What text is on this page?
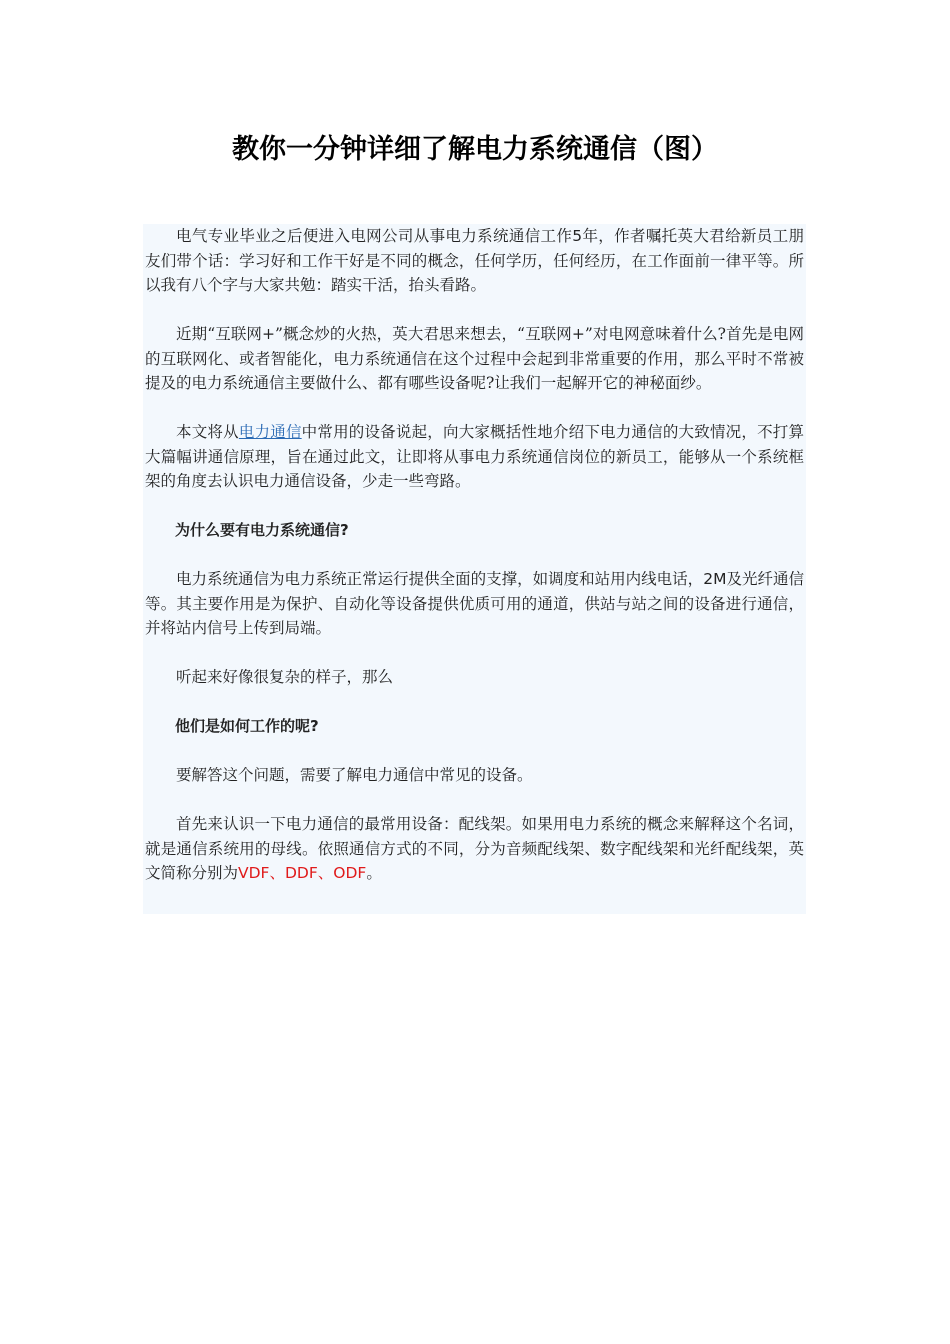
教你一分钟详细了解电力系统通信（图）

电气专业毕业之后便进入电网公司从事电力系统通信工作5年，作者嘱托英大君给新员工朋友们带个话：学习好和工作干好是不同的概念，任何学历，任何经历，在工作面前一律平等。所以我有八个字与大家共勉：踏实干活，抬头看路。

近期“互联网+”概念炒的火热，英大君思来想去，“互联网+”对电网意味着什么?首先是电网的互联网化、或者智能化，电力系统通信在这个过程中会起到非常重要的作用，那么平时不常被提及的电力系统通信主要做什么、都有哪些设备呢?让我们一起解开它的神秘面纱。

本文将从电力通信中常用的设备说起，向大家概括性地介绍下电力通信的大致情况，不打算大篇幅讲通信原理，旨在通过此文，让即将从事电力系统通信岗位的新员工，能够从一个系统框架的角度去认识电力通信设备，少走一些弯路。

为什么要有电力系统通信?

电力系统通信为电力系统正常运行提供全面的支撑，如调度和站用内线电话，2M及光纤通信等。其主要作用是为保护、自动化等设备提供优质可用的通道，供站与站之间的设备进行通信，并将站内信号上传到局端。

听起来好像很复杂的样子，那么

他们是如何工作的呢?

要解答这个问题，需要了解电力通信中常见的设备。

首先来认识一下电力通信的最常用设备：配线架。如果用电力系统的概念来解释这个名词，就是通信系统用的母线。依照通信方式的不同，分为音频配线架、数字配线架和光纤配线架，英文简称分别为VDF、DDF、ODF。
